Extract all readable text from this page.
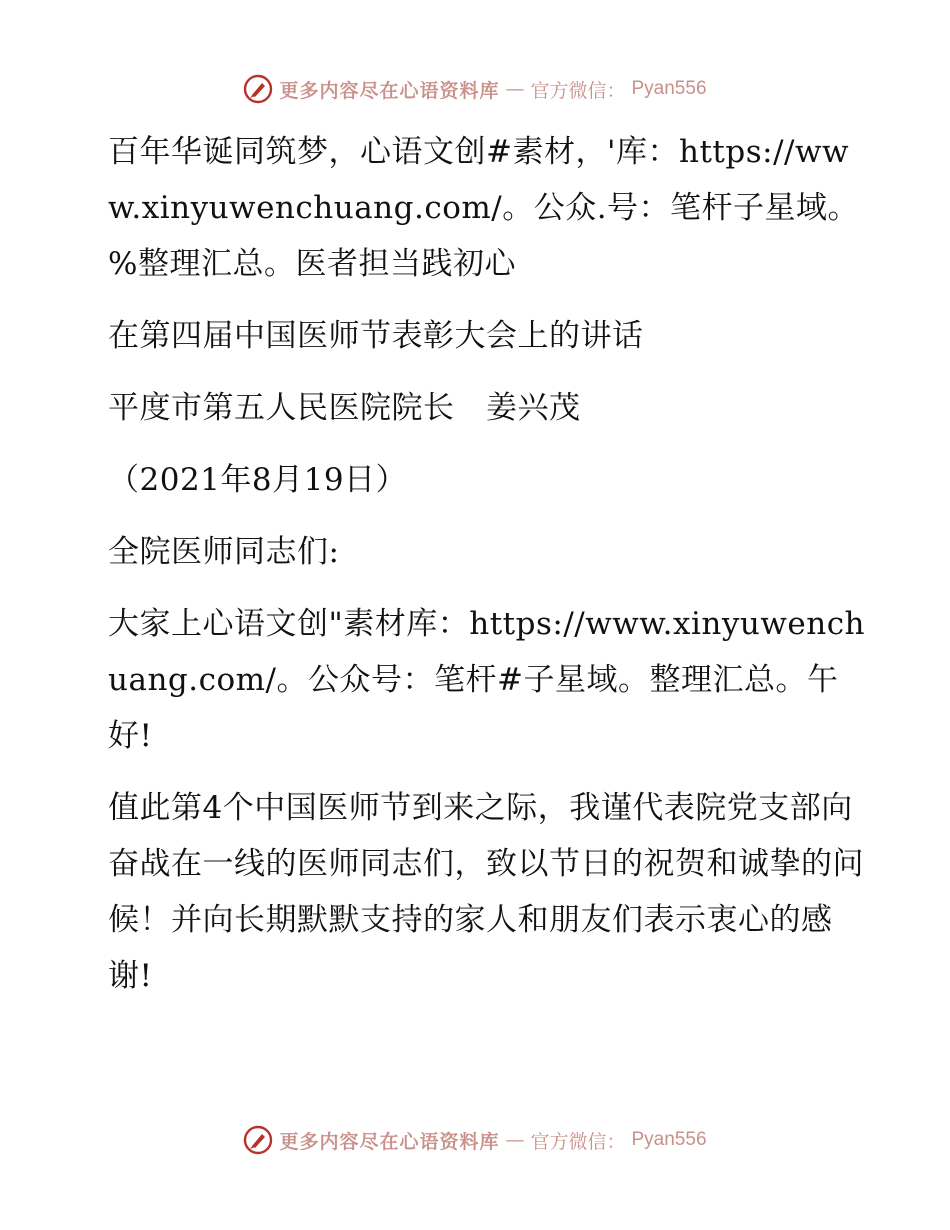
更多内容尽在心语资料库 — 官方微信： Pyan556

百年华诞同筑梦，心语文创#素材，'库：https://www.xinyuwenchuang.com/。公众.号：笔杆子星域。%整理汇总。医者担当践初心

在第四届中国医师节表彰大会上的讲话

平度市第五人民医院院长　姜兴茂

（2021年8月19日）

全院医师同志们:

大家上心语文创"素材库：https://www.xinyuwenchuang.com/。公众号：笔杆#子星域。整理汇总。午好!

值此第4个中国医师节到来之际，我谨代表院党支部向奋战在一线的医师同志们，致以节日的祝贺和诚挚的问候！并向长期默默支持的家人和朋友们表示衷心的感谢!

更多内容尽在心语资料库 — 官方微信： Pyan556
